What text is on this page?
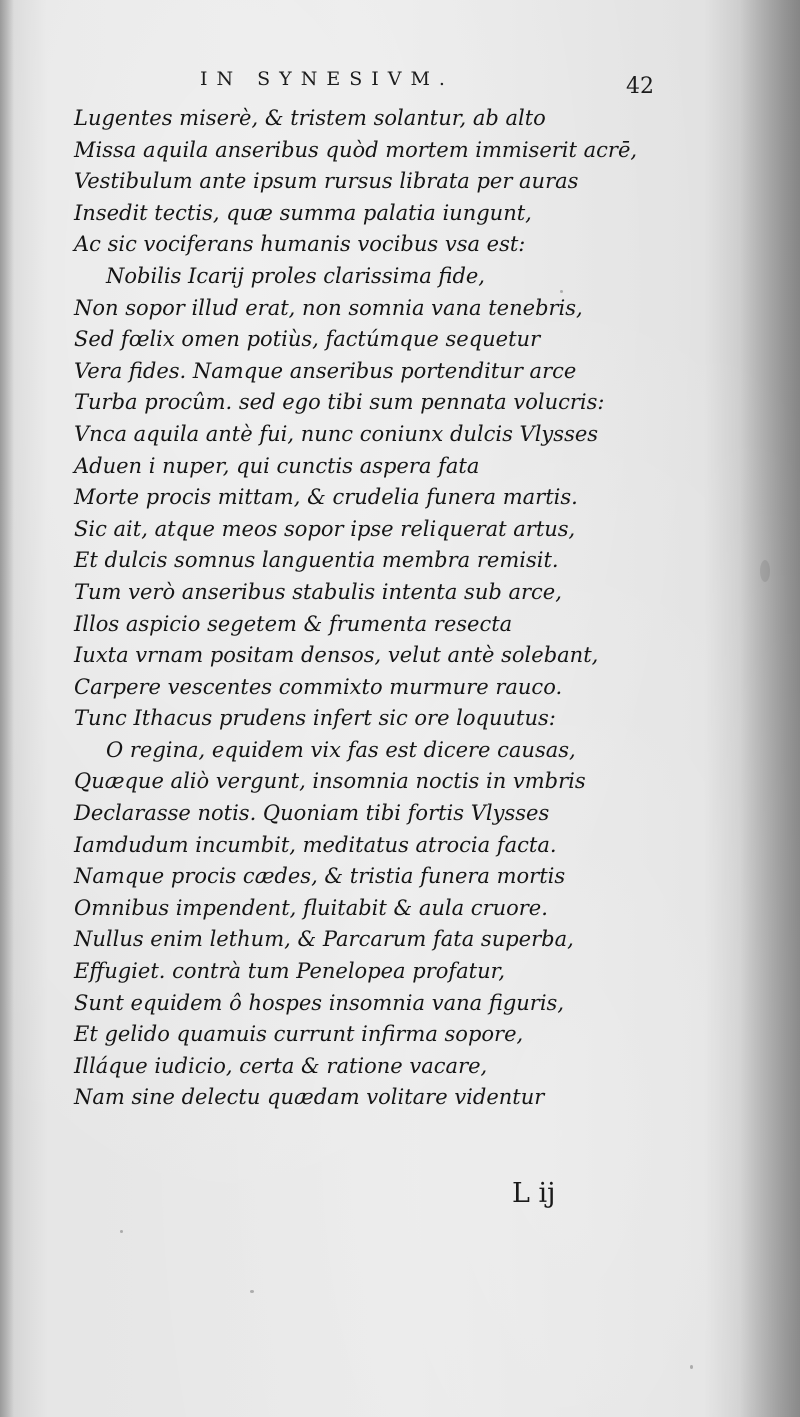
IN SYNESIVM.	42
Lugentes miserè, & tristem solantur, ab alto
Missa aquila anseribus quòd mortem immiserit acrē,
Vestibulum ante ipsum rursus librata per auras
Insedit tectis, quæ summa palatia iungunt,
Ac sic vociferans humanis vocibus vsa est:
Nobilis Icarij proles clarissima fide,
Non sopor illud erat, non somnia vana tenebris,
Sed fœlix omen potiùs, factúmque sequetur
Vera fides. Namque anseribus portenditur arce
Turba procûm. sed ego tibi sum pennata volucris:
Vnca aquila antè fui, nunc coniunx dulcis Vlysses
Aduen i nuper, qui cunctis aspera fata
Morte procis mittam, & crudelia funera martis.
Sic ait, atque meos sopor ipse reliquerat artus,
Et dulcis somnus languentia membra remisit.
Tum verò anseribus stabulis intenta sub arce,
Illos aspicio segetem & frumenta resecta
Iuxta vrnam positam densos, velut antè solebant,
Carpere vescentes commixto murmure rauco.
Tunc Ithacus prudens infert sic ore loquutus:
O regina, equidem vix fas est dicere causas,
Quæque aliò vergunt, insomnia noctis in vmbris
Declarasse notis. Quoniam tibi fortis Vlysses
Iamdudum incumbit, meditatus atrocia facta.
Namque procis cædes, & tristia funera mortis
Omnibus impendent, fluitabit & aula cruore.
Nullus enim lethum, & Parcarum fata superba,
Effugiet. contrà tum Penelopea profatur,
Sunt equidem ô hospes insomnia vana figuris,
Et gelido quamuis currunt infirma sopore,
Illáque iudicio, certa & ratione vacare,
Nam sine delectu quædam volitare videntur
L ij
